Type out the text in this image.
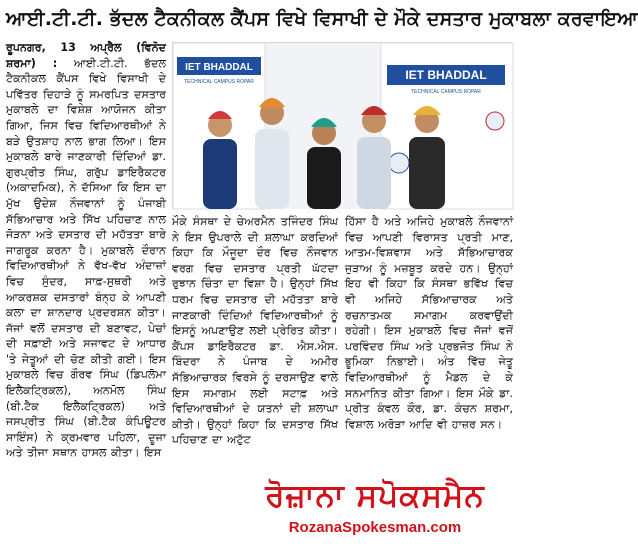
ਆਈ.ਟੀ.ਟੀ. ਭੱਦਲ ਟੈਕਨੀਕਲ ਕੈਂਪਸ ਵਿਖੇ ਵਿਸਾਖੀ ਦੇ ਮੌਕੇ ਦਸਤਾਰ ਮੁਕਾਬਲਾ ਕਰਵਾਇਆ

ਰੂਪਨਗਰ, 13 ਅਪ੍ਰੈਲ (ਵਿਨੋਦ ਸ਼ਰਮਾ) : ਆਈ.ਟੀ.ਟੀ. ਭੱਦਲ ਟੈਕਨੀਕਲ ਕੈਂਪਸ ਵਿਖੇ ਵਿਸਾਖੀ ਦੇ ਪਵਿੱਤਰ ਦਿਹਾੜੇ ਨੂੰ ਸਮਰਪਿਤ ਦਸਤਾਰ ਮੁਕਾਬਲੇ ਦਾ ਵਿਸ਼ੇਸ਼ ਆਯੋਜਨ ਕੀਤਾ ਗਿਆ, ਜਿਸ ਵਿਚ ਵਿਦਿਆਰਥੀਆਂ ਨੇ ਬੜੇ ਉਤਸ਼ਾਹ ਨਾਲ ਭਾਗ ਲਿਆ। ਇਸ ਮੁਕਾਬਲੇ ਬਾਰੇ ਜਾਣਕਾਰੀ ਦਿੰਦਿਆਂ ਡਾ. ਗੁਰਪ੍ਰੀਤ ਸਿੰਘ, ਗਰੁੱਪ ਡਾਇਰੈਕਟਰ (ਅਕਾਦਮਿਕ), ਨੇ ਦੱਸਿਆ ਕਿ ਇਸ ਦਾ ਮੁੱਖ ਉਦੇਸ਼ ਨੌਜਵਾਨਾਂ ਨੂੰ ਪੰਜਾਬੀ ਸੱਭਿਆਚਾਰ ਅਤੇ ਸਿੱਖ ਪਹਿਚਾਣ ਨਾਲ ਜੋੜਨਾ ਅਤੇ ਦਸਤਾਰ ਦੀ ਮਹੱਤਤਾ ਬਾਰੇ ਜਾਗਰੂਕ ਕਰਨਾ ਹੈ। ਮੁਕਾਬਲੇ ਦੌਰਾਨ ਵਿਦਿਆਰਥੀਆਂ ਨੇ ਵੱਖ-ਵੱਖ ਅੰਦਾਜ਼ਾਂ ਵਿਚ ਸੁੰਦਰ, ਸਾਫ਼-ਸੁਥਰੀ ਅਤੇ ਆਕਰਸ਼ਕ ਦਸਤਾਰਾਂ ਬੰਨ੍ਹ ਕੇ ਆਪਣੀ ਕਲਾ ਦਾ ਸ਼ਾਨਦਾਰ ਪ੍ਰਦਰਸ਼ਨ ਕੀਤਾ। ਜੱਜਾਂ ਵਲੋਂ ਦਸਤਾਰ ਦੀ ਬਣਾਵਟ, ਪੇਚਾਂ ਦੀ ਸਫ਼ਾਈ ਅਤੇ ਸਜਾਵਟ ਦੇ ਆਧਾਰ 'ਤੇ ਜੇਤੂਆਂ ਦੀ ਚੋਣ ਕੀਤੀ ਗਈ। ਇਸ ਮੁਕਾਬਲੇ ਵਿਚ ਗੌਰਵ ਸਿੰਘ (ਡਿਪਲੋਮਾ ਇਲੈਕਟ੍ਰਿਕਲ), ਅਨਮੋਲ ਸਿੰਘ (ਬੀ.ਟੈਕ ਇਲੈਕਟ੍ਰਿਕਲ) ਅਤੇ ਜਸਪ੍ਰੀਤ ਸਿੰਘ (ਬੀ.ਟੈਕ ਕੰਪਿਊਟਰ ਸਾਇੰਸ) ਨੇ ਕ੍ਰਮਵਾਰ ਪਹਿਲਾ, ਦੂਜਾ ਅਤੇ ਤੀਜਾ ਸਥਾਨ ਹਾਸਲ ਕੀਤਾ। ਇਸ

IET BHADDAL
TECHNICAL CAMPUS ROPAR	IET BHADDAL
TECHNICAL CAMPUS ROPAR

ਮੌਕੇ ਸੰਸਥਾ ਦੇ ਚੇਅਰਮੈਨ ਤਜਿੰਦਰ ਸਿੰਘ ਨੇ ਇਸ ਉਪਰਾਲੇ ਦੀ ਸ਼ਲਾਘਾ ਕਰਦਿਆਂ ਕਿਹਾ ਕਿ ਮੌਜੂਦਾ ਦੌਰ ਵਿਚ ਨੌਜਵਾਨ ਵਰਗ ਵਿਚ ਦਸਤਾਰ ਪ੍ਰਤੀ ਘੱਟਦਾ ਰੁਝਾਨ ਚਿੰਤਾ ਦਾ ਵਿਸ਼ਾ ਹੈ। ਉਨ੍ਹਾਂ ਸਿੱਖ ਧਰਮ ਵਿਚ ਦਸਤਾਰ ਦੀ ਮਹੱਤਤਾ ਬਾਰੇ ਜਾਣਕਾਰੀ ਦਿੰਦਿਆਂ ਵਿਦਿਆਰਥੀਆਂ ਨੂੰ ਇਸਨੂੰ ਅਪਣਾਉਣ ਲਈ ਪ੍ਰੇਰਿਤ ਕੀਤਾ। ਕੈਂਪਸ ਡਾਇਰੈਕਟਰ ਡਾ. ਐਸ.ਐਸ. ਬਿੰਦਰਾ ਨੇ ਪੰਜਾਬ ਦੇ ਅਮੀਰ ਸੱਭਿਆਚਾਰਕ ਵਿਰਸੇ ਨੂੰ ਦਰਸਾਉਣ ਵਾਲੇ ਇਸ ਸਮਾਗਮ ਲਈ ਸਟਾਫ਼ ਅਤੇ ਵਿਦਿਆਰਥੀਆਂ ਦੇ ਯਤਨਾਂ ਦੀ ਸ਼ਲਾਘਾ ਕੀਤੀ। ਉਨ੍ਹਾਂ ਕਿਹਾ ਕਿ ਦਸਤਾਰ ਸਿੱਖ ਪਹਿਚਾਣ ਦਾ ਅਟੁੱਟ

ਹਿੱਸਾ ਹੈ ਅਤੇ ਅਜਿਹੇ ਮੁਕਾਬਲੇ ਨੌਜਵਾਨਾਂ ਵਿਚ ਆਪਣੀ ਵਿਰਾਸਤ ਪ੍ਰਤੀ ਮਾਣ, ਆਤਮ-ਵਿਸ਼ਵਾਸ ਅਤੇ ਸੱਭਿਆਚਾਰਕ ਜੁੜਾਅ ਨੂੰ ਮਜ਼ਬੂਤ ਕਰਦੇ ਹਨ। ਉਨ੍ਹਾਂ ਇਹ ਵੀ ਕਿਹਾ ਕਿ ਸੰਸਥਾ ਭਵਿੱਖ ਵਿਚ ਵੀ ਅਜਿਹੇ ਸੱਭਿਆਚਾਰਕ ਅਤੇ ਰਚਨਾਤਮਕ ਸਮਾਗਮ ਕਰਵਾਉਂਦੀ ਰਹੇਗੀ। ਇਸ ਮੁਕਾਬਲੇ ਵਿਚ ਜੱਜਾਂ ਵਜੋਂ ਪਰਵਿੰਦਰ ਸਿੰਘ ਅਤੇ ਪ੍ਰਭਜੋਤ ਸਿੰਘ ਨੇ ਭੂਮਿਕਾ ਨਿਭਾਈ। ਅੰਤ ਵਿੱਚ ਜੇਤੂ ਵਿਦਿਆਰਥੀਆਂ ਨੂੰ ਮੈਡਲ ਦੇ ਕੇ ਸਨਮਾਨਿਤ ਕੀਤਾ ਗਿਆ। ਇਸ ਮੌਕੇ ਡਾ. ਪ੍ਰੀਤ ਕੰਵਲ ਕੌਰ, ਡਾ. ਕੰਚਨ ਸ਼ਰਮਾ, ਵਿਸ਼ਾਲ ਅਰੋੜਾ ਆਦਿ ਵੀ ਹਾਜ਼ਰ ਸਨ।

ਰੋਜ਼ਾਨਾ ਸਪੋਕਸਮੈਨ
RozanaSpokesman.com
